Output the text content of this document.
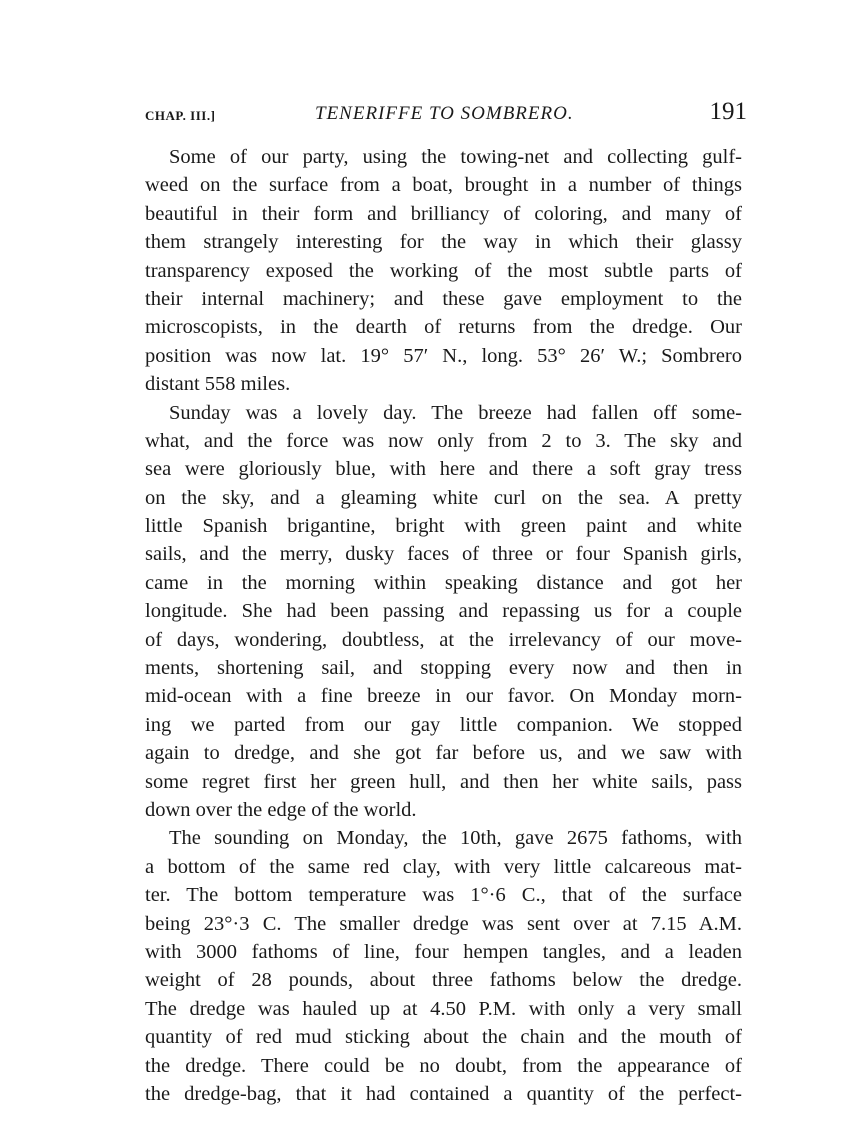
CHAP. III.]	TENERIFFE TO SOMBRERO.	191
Some of our party, using the towing-net and collecting gulf-
weed on the surface from a boat, brought in a number of things
beautiful in their form and brilliancy of coloring, and many of
them strangely interesting for the way in which their glassy
transparency exposed the working of the most subtle parts of
their internal machinery; and these gave employment to the
microscopists, in the dearth of returns from the dredge. Our
position was now lat. 19° 57′ N., long. 53° 26′ W.; Sombrero
distant 558 miles.
Sunday was a lovely day. The breeze had fallen off some-
what, and the force was now only from 2 to 3. The sky and
sea were gloriously blue, with here and there a soft gray tress
on the sky, and a gleaming white curl on the sea. A pretty
little Spanish brigantine, bright with green paint and white
sails, and the merry, dusky faces of three or four Spanish girls,
came in the morning within speaking distance and got her
longitude. She had been passing and repassing us for a couple
of days, wondering, doubtless, at the irrelevancy of our move-
ments, shortening sail, and stopping every now and then in
mid-ocean with a fine breeze in our favor. On Monday morn-
ing we parted from our gay little companion. We stopped
again to dredge, and she got far before us, and we saw with
some regret first her green hull, and then her white sails, pass
down over the edge of the world.
The sounding on Monday, the 10th, gave 2675 fathoms, with
a bottom of the same red clay, with very little calcareous mat-
ter. The bottom temperature was 1°·6 C., that of the surface
being 23°·3 C. The smaller dredge was sent over at 7.15 A.M.
with 3000 fathoms of line, four hempen tangles, and a leaden
weight of 28 pounds, about three fathoms below the dredge.
The dredge was hauled up at 4.50 P.M. with only a very small
quantity of red mud sticking about the chain and the mouth of
the dredge. There could be no doubt, from the appearance of
the dredge-bag, that it had contained a quantity of the perfect-
